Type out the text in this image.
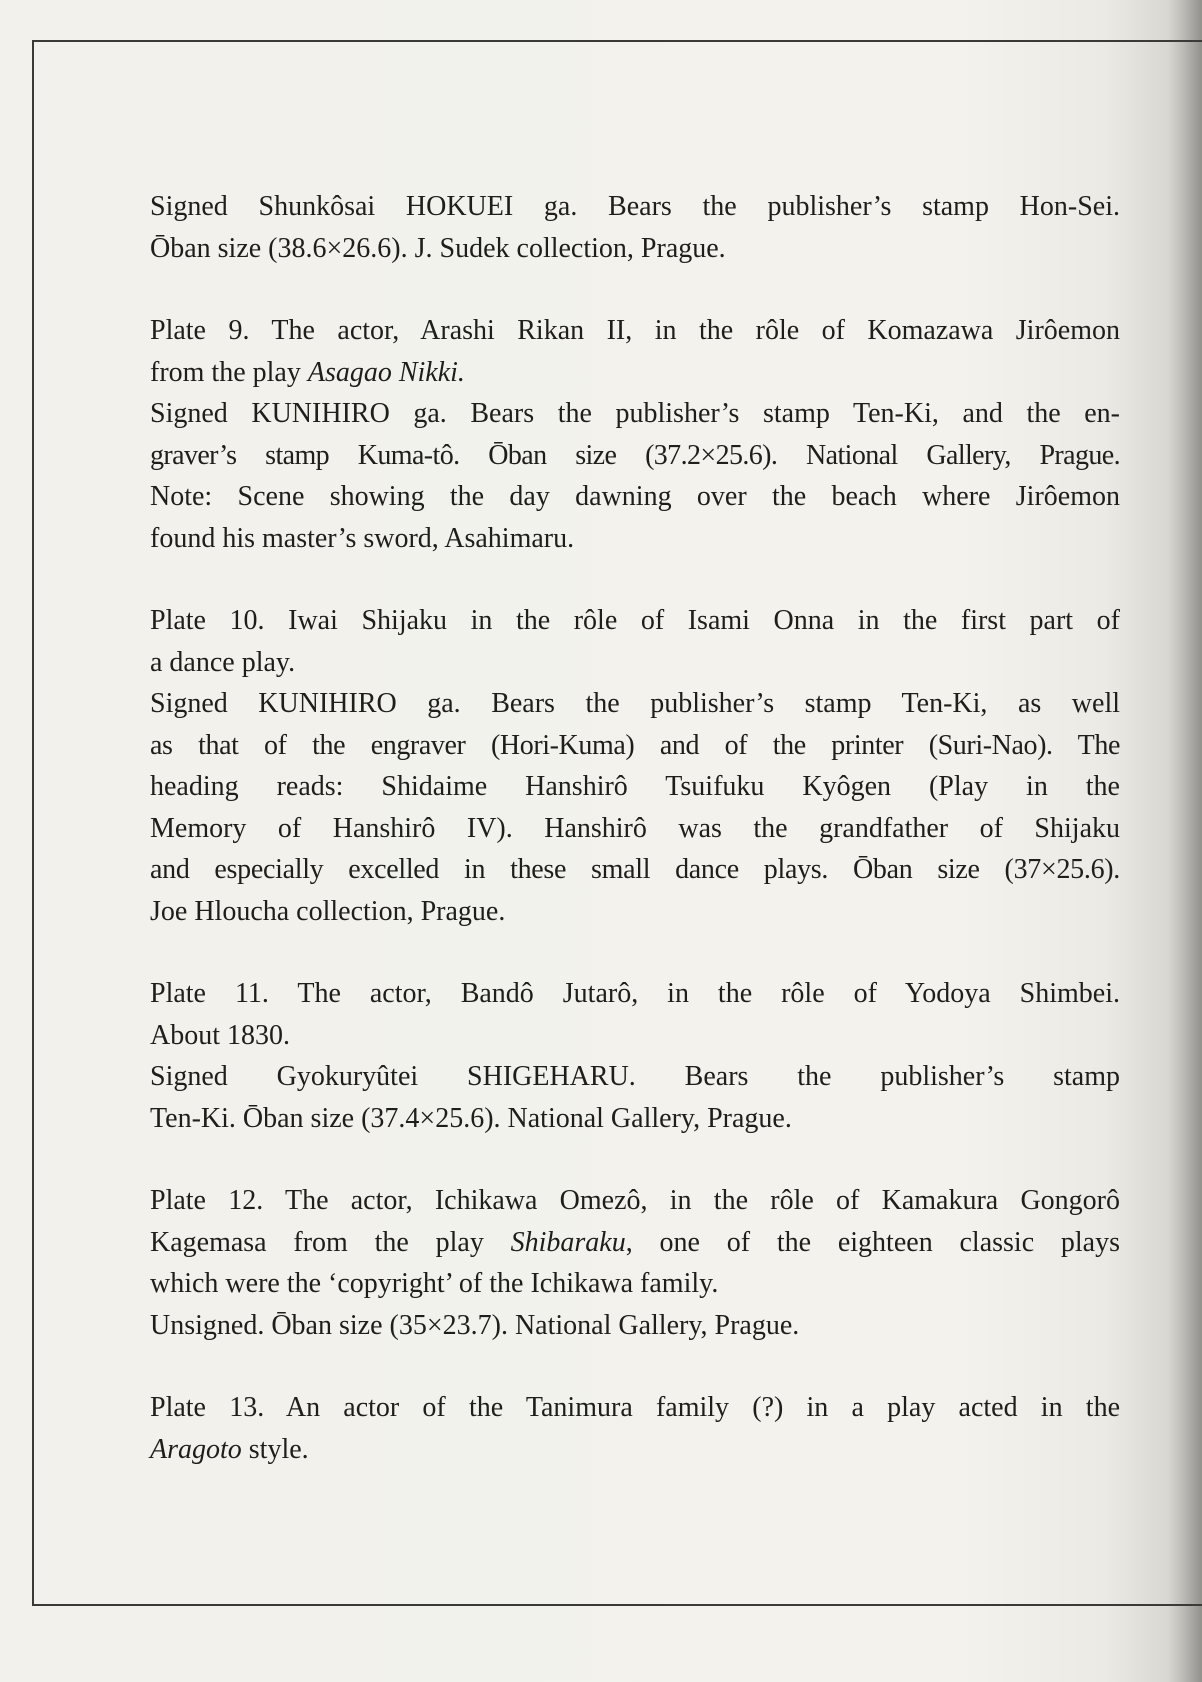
Signed Shunkôsai HOKUEI ga. Bears the publisher’s stamp Hon-Sei.
Ōban size (38.6×26.6). J. Sudek collection, Prague.
Plate 9. The actor, Arashi Rikan II, in the rôle of Komazawa Jirôemon
from the play Asagao Nikki.
Signed KUNIHIRO ga. Bears the publisher’s stamp Ten-Ki, and the en-
graver’s stamp Kuma-tô. Ōban size (37.2×25.6). National Gallery, Prague.
Note: Scene showing the day dawning over the beach where Jirôemon
found his master’s sword, Asahimaru.
Plate 10. Iwai Shijaku in the rôle of Isami Onna in the first part of
a dance play.
Signed KUNIHIRO ga. Bears the publisher’s stamp Ten-Ki, as well
as that of the engraver (Hori-Kuma) and of the printer (Suri-Nao). The
heading reads: Shidaime Hanshirô Tsuifuku Kyôgen (Play in the
Memory of Hanshirô IV). Hanshirô was the grandfather of Shijaku
and especially excelled in these small dance plays. Ōban size (37×25.6).
Joe Hloucha collection, Prague.
Plate 11. The actor, Bandô Jutarô, in the rôle of Yodoya Shimbei.
About 1830.
Signed Gyokuryûtei SHIGEHARU. Bears the publisher’s stamp
Ten-Ki. Ōban size (37.4×25.6). National Gallery, Prague.
Plate 12. The actor, Ichikawa Omezô, in the rôle of Kamakura Gongorô
Kagemasa from the play Shibaraku, one of the eighteen classic plays
which were the ‘copyright’ of the Ichikawa family.
Unsigned. Ōban size (35×23.7). National Gallery, Prague.
Plate 13. An actor of the Tanimura family (?) in a play acted in the
Aragoto style.
